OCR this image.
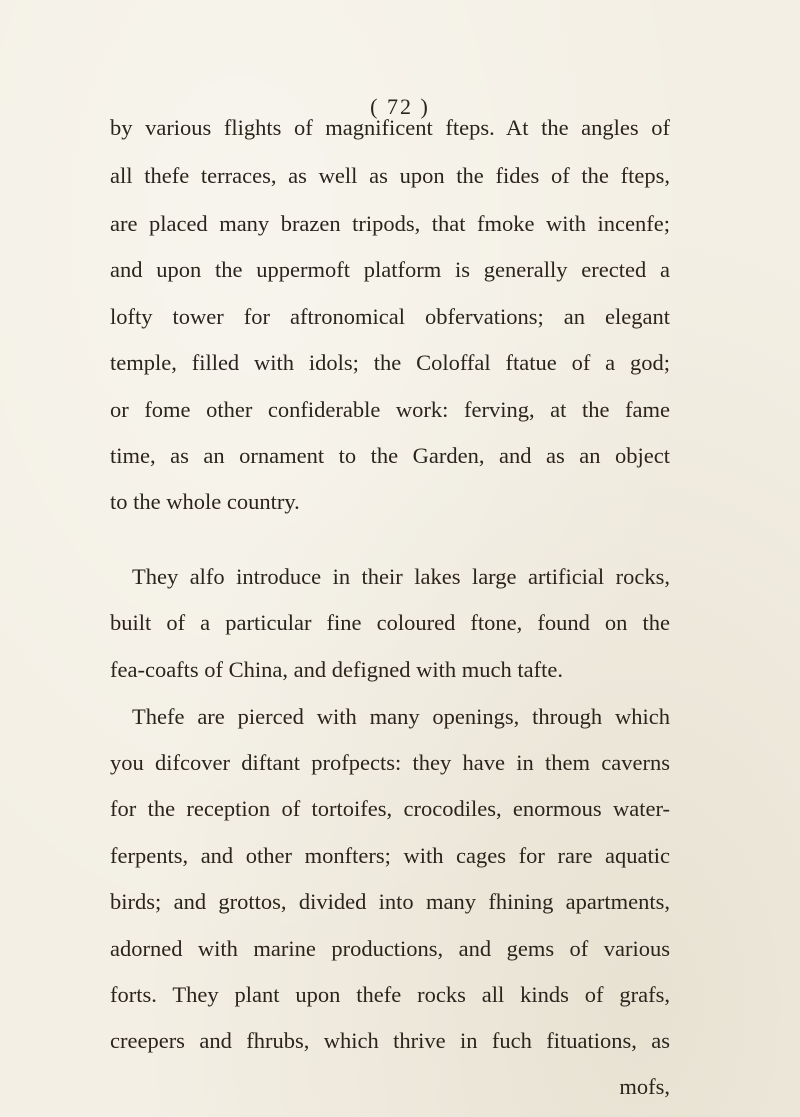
( 72 )
by various flights of magnificent fteps. At the angles of
all thefe terraces, as well as upon the fides of the fteps,
are placed many brazen tripods, that fmoke with incenfe;
and upon the uppermoft platform is generally erected a
lofty tower for aftronomical obfervations; an elegant
temple, filled with idols; the Coloffal ftatue of a god;
or fome other confiderable work: ferving, at the fame
time, as an ornament to the Garden, and as an object
to the whole country.
They alfo introduce in their lakes large artificial rocks,
built of a particular fine coloured ftone, found on the
fea-coafts of China, and defigned with much tafte.
Thefe are pierced with many openings, through which
you difcover diftant profpects: they have in them caverns
for the reception of tortoifes, crocodiles, enormous water-
ferpents, and other monfters; with cages for rare aquatic
birds; and grottos, divided into many fhining apartments,
adorned with marine productions, and gems of various
forts. They plant upon thefe rocks all kinds of grafs,
creepers and fhrubs, which thrive in fuch fituations, as
mofs,
